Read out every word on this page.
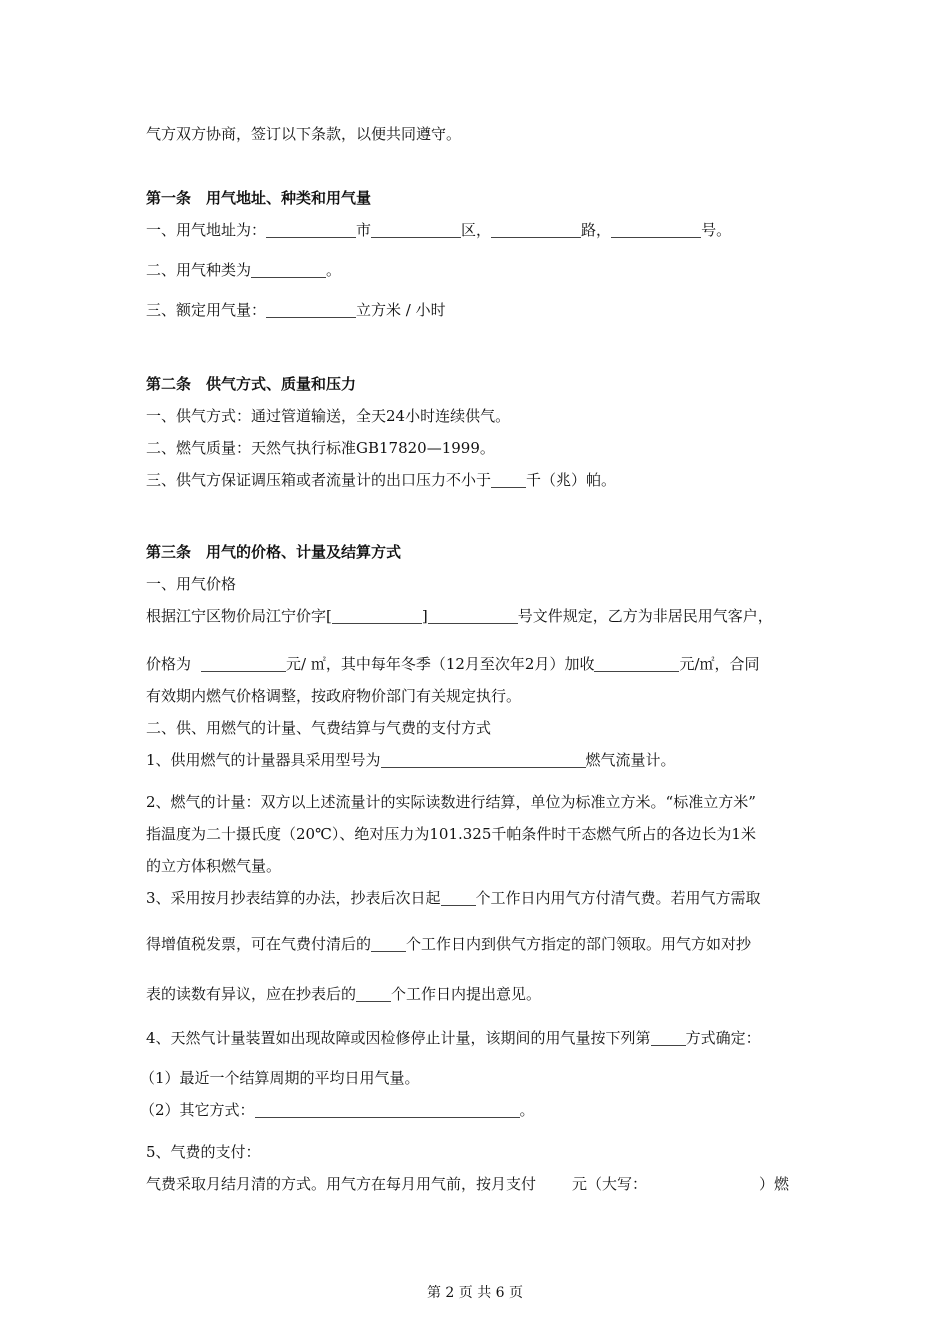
气方双方协商，签订以下条款，以便共同遵守。
第一条　用气地址、种类和用气量
一、用气地址为：	市	区，	路，	号。
二、用气种类为	。
三、额定用气量：	立方米 / 小时
第二条　供气方式、质量和压力
一、供气方式：通过管道输送，全天24小时连续供气。
二、燃气质量：天然气执行标准GB17820—1999。
三、供气方保证调压箱或者流量计的出口压力不小于 千（兆）帕。
第三条　用气的价格、计量及结算方式
一、用气价格
根据江宁区物价局江宁价字[	]	号文件规定，乙方为非居民用气客户，
价格为	元/ ㎡，其中每年冬季（12月至次年2月）加收	元/㎡，合同
有效期内燃气价格调整，按政府物价部门有关规定执行。
二、供、用燃气的计量、气费结算与气费的支付方式
1、供用燃气的计量器具采用型号为	燃气流量计。
2、燃气的计量：双方以上述流量计的实际读数进行结算，单位为标准立方米。“标准立方米”
指温度为二十摄氏度（20℃）、绝对压力为101.325千帕条件时干态燃气所占的各边长为1米
的立方体积燃气量。
3、采用按月抄表结算的办法，抄表后次日起 个工作日内用气方付清气费。若用气方需取
得增值税发票，可在气费付清后的 个工作日内到供气方指定的部门领取。用气方如对抄
表的读数有异议，应在抄表后的 个工作日内提出意见。
4、天然气计量装置如出现故障或因检修停止计量，该期间的用气量按下列第 方式确定：
（1）最近一个结算周期的平均日用气量。
（2）其它方式：	。
5、气费的支付：
气费采取月结月清的方式。用气方在每月用气前，按月支付 元（大写：	）燃
第 2 页 共 6 页
